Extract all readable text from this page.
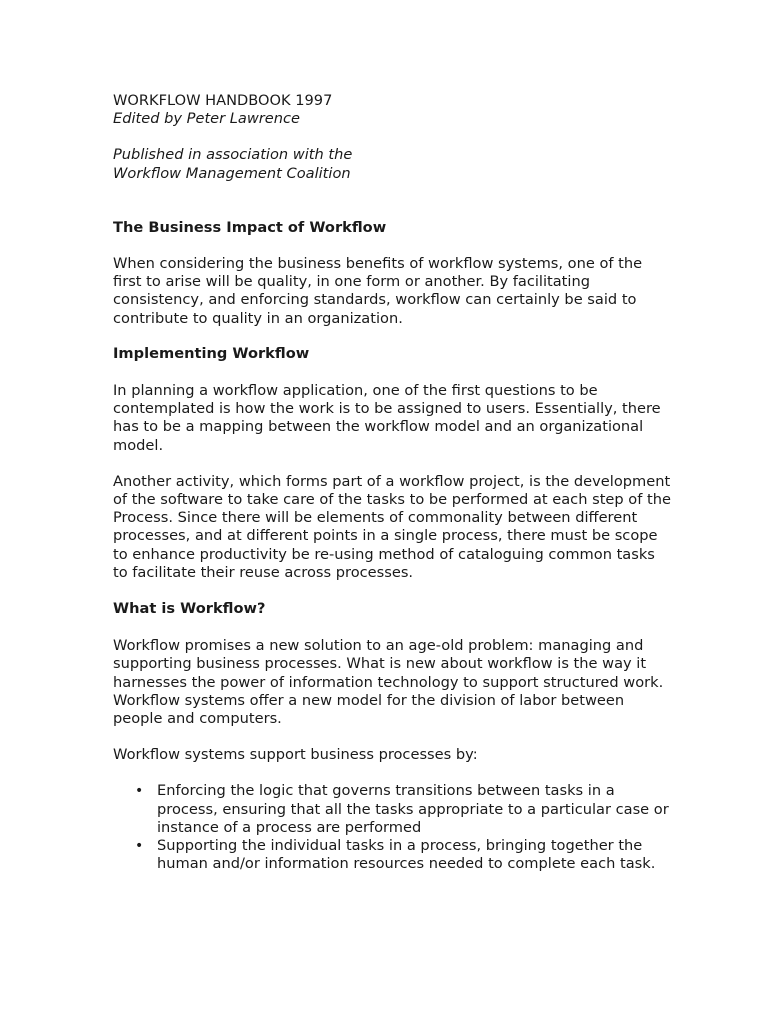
WORKFLOW HANDBOOK 1997

Edited by Peter Lawrence

Published in association with the

Workflow Management Coalition

The Business Impact of Workflow

When considering the business benefits of workflow systems, one of the first to arise will be quality, in one form or another. By facilitating consistency, and enforcing standards, workflow can certainly be said to contribute to quality in an organization.

Implementing Workflow

In planning a workflow application, one of the first questions to be contemplated is how the work is to be assigned to users. Essentially, there has to be a mapping between the workflow model and an organizational model.

Another activity, which forms part of a workflow project, is the development of the software to take care of the tasks to be performed at each step of the Process. Since there will be elements of commonality between different processes, and at different points in a single process, there must be scope to enhance productivity be re-using method of cataloguing common tasks to facilitate their reuse across processes.

What is Workflow?

Workflow promises a new solution to an age-old problem: managing and supporting business processes. What is new about workflow is the way it harnesses the power of information technology to support structured work. Workflow systems offer a new model for the division of labor between people and computers.

Workflow systems support business processes by:

• Enforcing the logic that governs transitions between tasks in a process, ensuring that all the tasks appropriate to a particular case or instance of a process are performed
• Supporting the individual tasks in a process, bringing together the human and/or information resources needed to complete each task.
